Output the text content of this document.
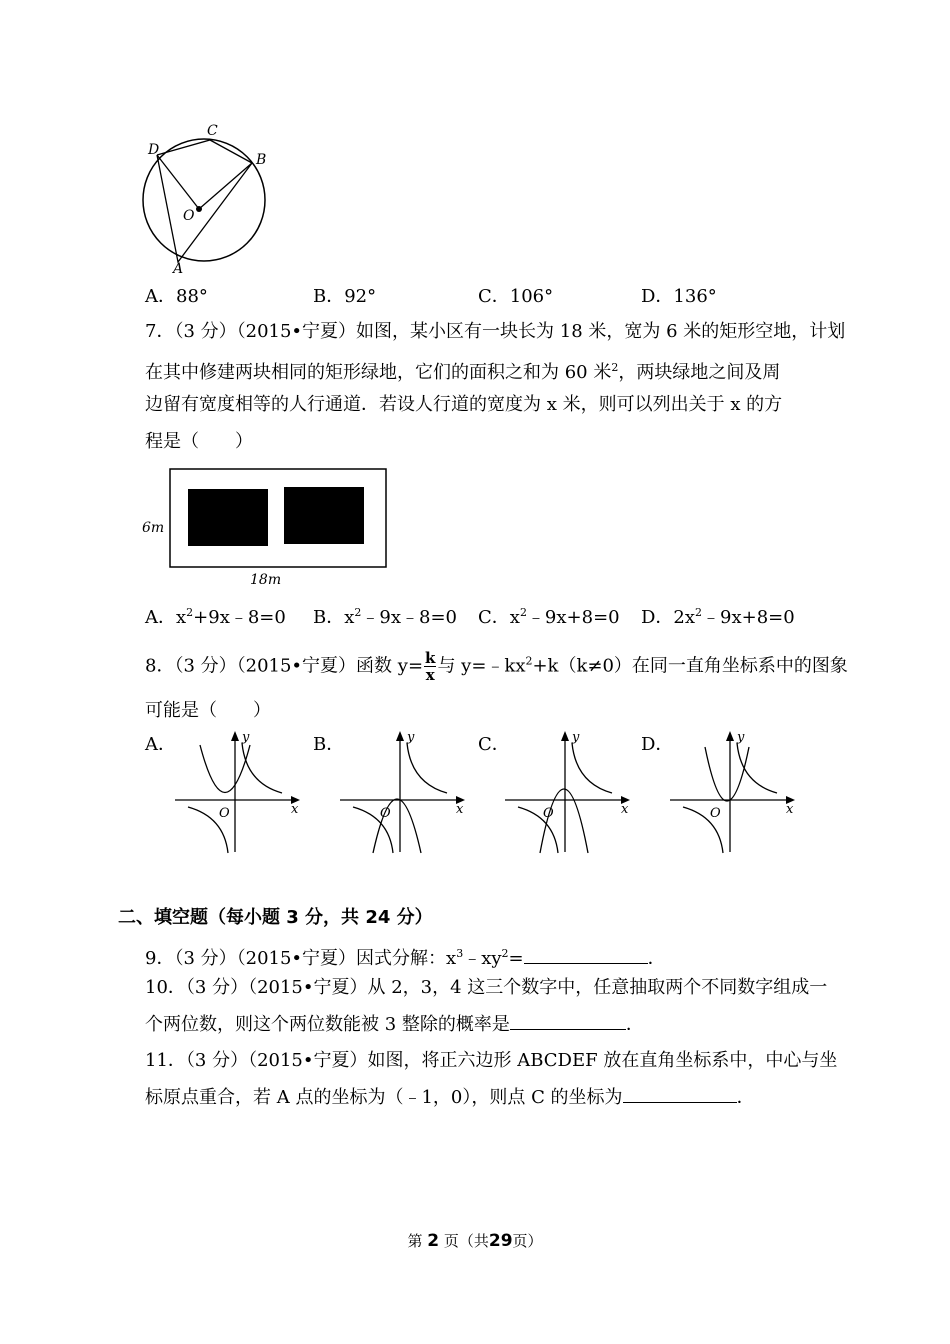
D
C
B
O
A
A．88°	B．92°	C．106°	D．136°
7．（3 分）（2015•宁夏）如图，某小区有一块长为 18 米，宽为 6 米的矩形空地，计划
在其中修建两块相同的矩形绿地，它们的面积之和为 60 米$^2$，两块绿地之间及周
边留有宽度相等的人行通道．若设人行道的宽度为 x 米，则可以列出关于 x 的方
程是（　　）
6m
18m
A．$x^2+9x﹣8=0$ B．$x^2﹣9x﹣8=0$ C．$x^2﹣9x+8=0$ D．$2x^2﹣9x+8=0$
8．（3 分）（2015•宁夏）函数 $y= \frac{k}{x}$ 与 $y=﹣kx^2+k(k\ne 0)$在同一直角坐标系中的图象
可能是（　　）
A．	B．	C．	D．
y
x
O
y
x
O
y
x
O
y
x
O
二、填空题（每小题 3 分，共 24 分）
9．（3 分）（2015•宁夏）因式分解：$x^3﹣xy^2=$	．
10．（3 分）（2015•宁夏）从 2，3，4 这三个数字中，任意抽取两个不同数字组成一
个两位数，则这个两位数能被 3 整除的概率是	．
11．（3 分）（2015•宁夏）如图，将正六边形 ABCDEF 放在直角坐标系中，中心与坐
标原点重合，若 A 点的坐标为（﹣1，0），则点 C 的坐标为	．
第 2 页（共29页）
